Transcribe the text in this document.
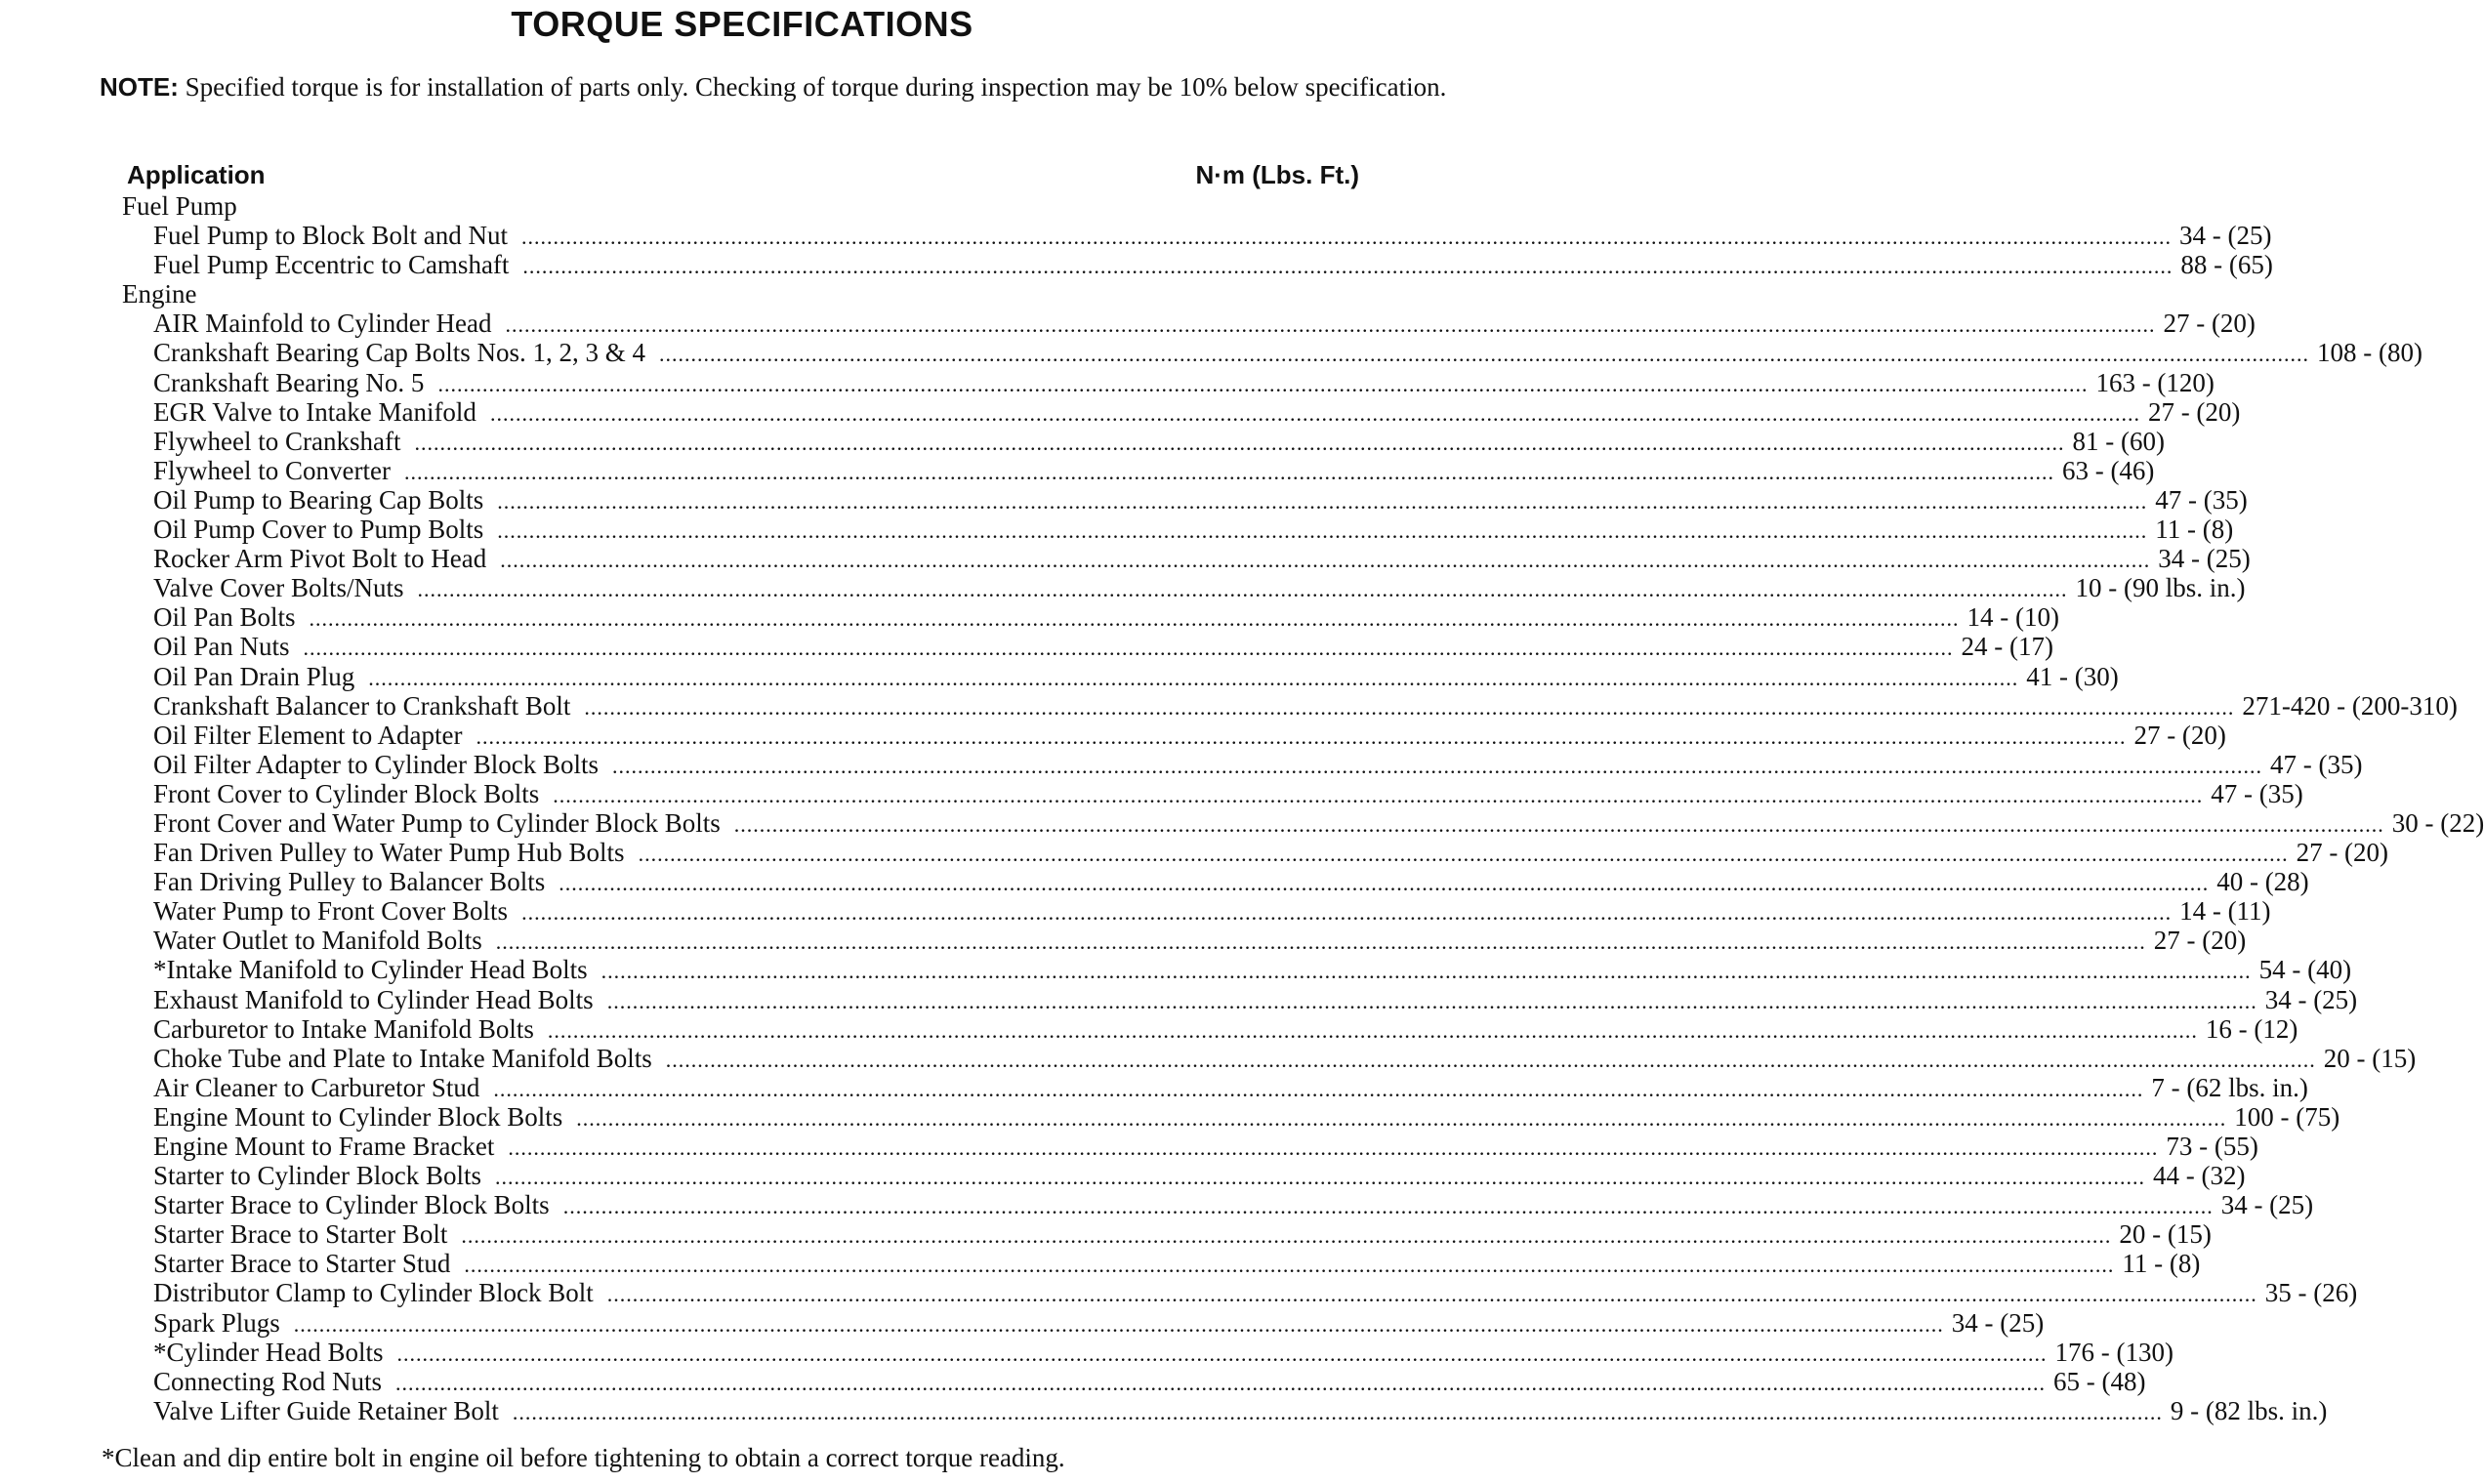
TORQUE SPECIFICATIONS
NOTE: Specified torque is for installation of parts only. Checking of torque during inspection may be 10% below specification.
Application	N·m (Lbs. Ft.)
Fuel Pump
Fuel Pump to Block Bolt and Nut .................................................................................................................................................................................................................................................................... 34 - (25)
Fuel Pump Eccentric to Camshaft .................................................................................................................................................................................................................................................................... 88 - (65)
Engine
AIR Mainfold to Cylinder Head .................................................................................................................................................................................................................................................................... 27 - (20)
Crankshaft Bearing Cap Bolts Nos. 1, 2, 3 & 4 .................................................................................................................................................................................................................................................................... 108 - (80)
Crankshaft Bearing No. 5 .................................................................................................................................................................................................................................................................... 163 - (120)
EGR Valve to Intake Manifold .................................................................................................................................................................................................................................................................... 27 - (20)
Flywheel to Crankshaft .................................................................................................................................................................................................................................................................... 81 - (60)
Flywheel to Converter .................................................................................................................................................................................................................................................................... 63 - (46)
Oil Pump to Bearing Cap Bolts .................................................................................................................................................................................................................................................................... 47 - (35)
Oil Pump Cover to Pump Bolts .................................................................................................................................................................................................................................................................... 11 - (8)
Rocker Arm Pivot Bolt to Head .................................................................................................................................................................................................................................................................... 34 - (25)
Valve Cover Bolts/Nuts .................................................................................................................................................................................................................................................................... 10 - (90 lbs. in.)
Oil Pan Bolts .................................................................................................................................................................................................................................................................... 14 - (10)
Oil Pan Nuts .................................................................................................................................................................................................................................................................... 24 - (17)
Oil Pan Drain Plug .................................................................................................................................................................................................................................................................... 41 - (30)
Crankshaft Balancer to Crankshaft Bolt .................................................................................................................................................................................................................................................................... 271-420 - (200-310)
Oil Filter Element to Adapter .................................................................................................................................................................................................................................................................... 27 - (20)
Oil Filter Adapter to Cylinder Block Bolts .................................................................................................................................................................................................................................................................... 47 - (35)
Front Cover to Cylinder Block Bolts .................................................................................................................................................................................................................................................................... 47 - (35)
Front Cover and Water Pump to Cylinder Block Bolts .................................................................................................................................................................................................................................................................... 30 - (22)
Fan Driven Pulley to Water Pump Hub Bolts .................................................................................................................................................................................................................................................................... 27 - (20)
Fan Driving Pulley to Balancer Bolts .................................................................................................................................................................................................................................................................... 40 - (28)
Water Pump to Front Cover Bolts .................................................................................................................................................................................................................................................................... 14 - (11)
Water Outlet to Manifold Bolts .................................................................................................................................................................................................................................................................... 27 - (20)
*Intake Manifold to Cylinder Head Bolts .................................................................................................................................................................................................................................................................... 54 - (40)
Exhaust Manifold to Cylinder Head Bolts .................................................................................................................................................................................................................................................................... 34 - (25)
Carburetor to Intake Manifold Bolts .................................................................................................................................................................................................................................................................... 16 - (12)
Choke Tube and Plate to Intake Manifold Bolts .................................................................................................................................................................................................................................................................... 20 - (15)
Air Cleaner to Carburetor Stud .................................................................................................................................................................................................................................................................... 7 - (62 lbs. in.)
Engine Mount to Cylinder Block Bolts .................................................................................................................................................................................................................................................................... 100 - (75)
Engine Mount to Frame Bracket .................................................................................................................................................................................................................................................................... 73 - (55)
Starter to Cylinder Block Bolts .................................................................................................................................................................................................................................................................... 44 - (32)
Starter Brace to Cylinder Block Bolts .................................................................................................................................................................................................................................................................... 34 - (25)
Starter Brace to Starter Bolt .................................................................................................................................................................................................................................................................... 20 - (15)
Starter Brace to Starter Stud .................................................................................................................................................................................................................................................................... 11 - (8)
Distributor Clamp to Cylinder Block Bolt .................................................................................................................................................................................................................................................................... 35 - (26)
Spark Plugs .................................................................................................................................................................................................................................................................... 34 - (25)
*Cylinder Head Bolts .................................................................................................................................................................................................................................................................... 176 - (130)
Connecting Rod Nuts .................................................................................................................................................................................................................................................................... 65 - (48)
Valve Lifter Guide Retainer Bolt .................................................................................................................................................................................................................................................................... 9 - (82 lbs. in.)
*Clean and dip entire bolt in engine oil before tightening to obtain a correct torque reading.
